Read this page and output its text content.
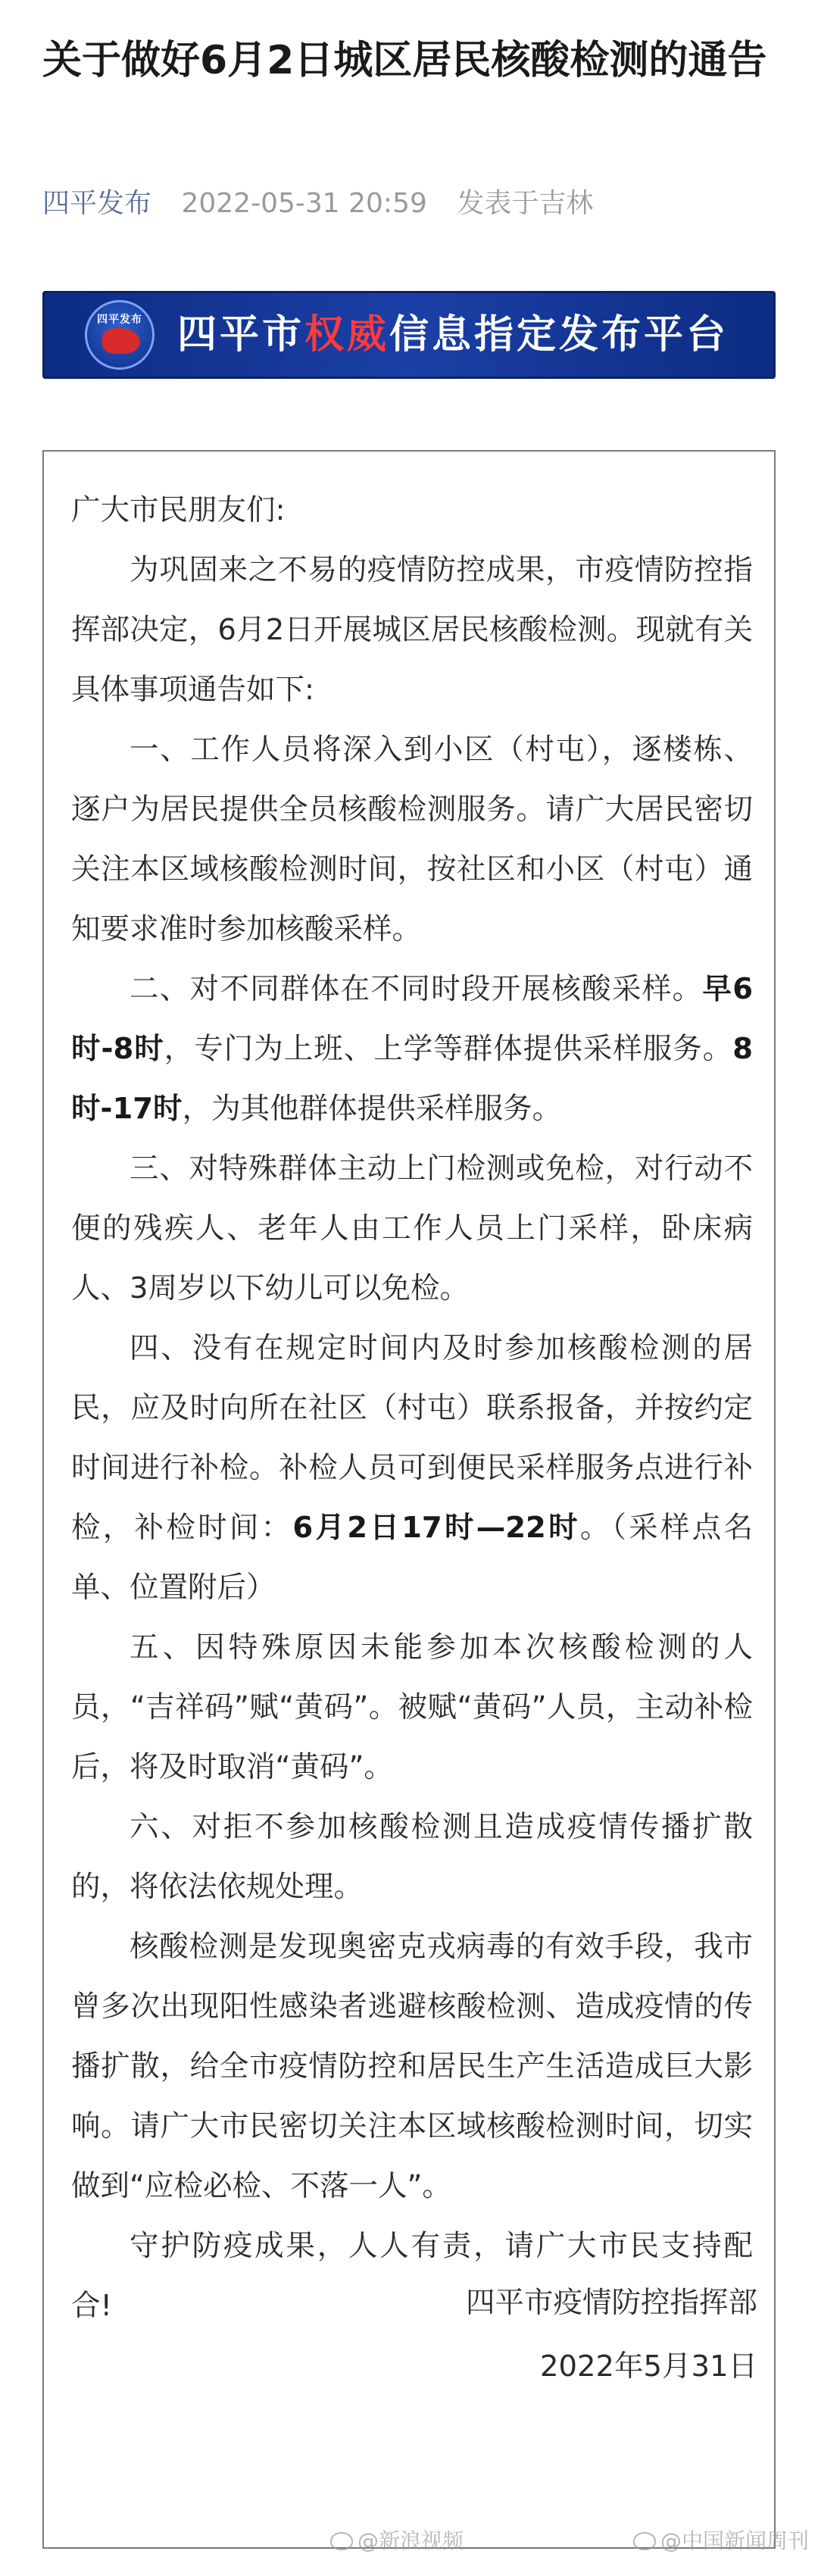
关于做好6月2日城区居民核酸检测的通告
四平发布 2022-05-31 20:59 发表于吉林
四平发布 四平市权威信息指定发布平台

广大市民朋友们:

为巩固来之不易的疫情防控成果，市疫情防控指挥部决定，6月2日开展城区居民核酸检测。现就有关具体事项通告如下:

一、工作人员将深入到小区（村屯），逐楼栋、逐户为居民提供全员核酸检测服务。请广大居民密切关注本区域核酸检测时间，按社区和小区（村屯）通知要求准时参加核酸采样。

二、对不同群体在不同时段开展核酸采样。早6时-8时，专门为上班、上学等群体提供采样服务。8时-17时，为其他群体提供采样服务。

三、对特殊群体主动上门检测或免检，对行动不便的残疾人、老年人由工作人员上门采样，卧床病人、3周岁以下幼儿可以免检。

四、没有在规定时间内及时参加核酸检测的居民，应及时向所在社区（村屯）联系报备，并按约定时间进行补检。补检人员可到便民采样服务点进行补检，补检时间：6月2日17时—22时。（采样点名单、位置附后）

五、因特殊原因未能参加本次核酸检测的人员，“吉祥码”赋“黄码”。被赋“黄码”人员，主动补检后，将及时取消“黄码”。

六、对拒不参加核酸检测且造成疫情传播扩散的，将依法依规处理。

核酸检测是发现奥密克戎病毒的有效手段，我市曾多次出现阳性感染者逃避核酸检测、造成疫情的传播扩散，给全市疫情防控和居民生产生活造成巨大影响。请广大市民密切关注本区域核酸检测时间，切实做到“应检必检、不落一人”。

守护防疫成果，人人有责，请广大市民支持配合!	四平市疫情防控指挥部
2022年5月31日
@新浪视频	@中国新闻周刊
